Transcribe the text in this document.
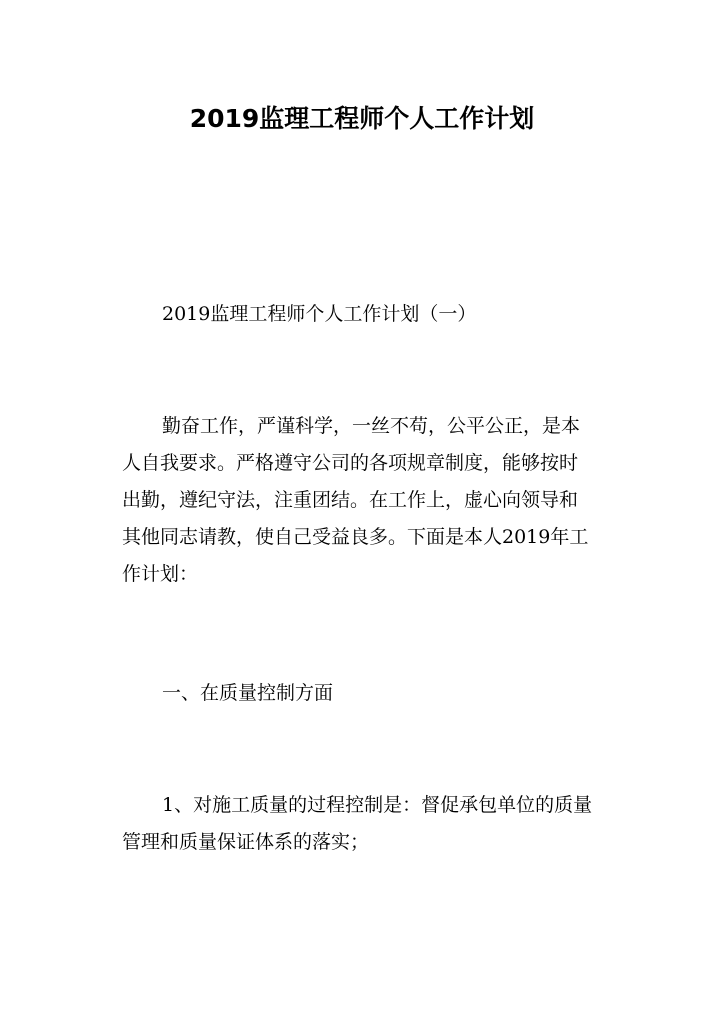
2019监理工程师个人工作计划

2019监理工程师个人工作计划（一）

勤奋工作，严谨科学，一丝不苟，公平公正，是本
人自我要求。严格遵守公司的各项规章制度，能够按时
出勤，遵纪守法，注重团结。在工作上，虚心向领导和
其他同志请教，使自己受益良多。下面是本人2019年工
作计划：

一、在质量控制方面

1、对施工质量的过程控制是：督促承包单位的质量
管理和质量保证体系的落实；
